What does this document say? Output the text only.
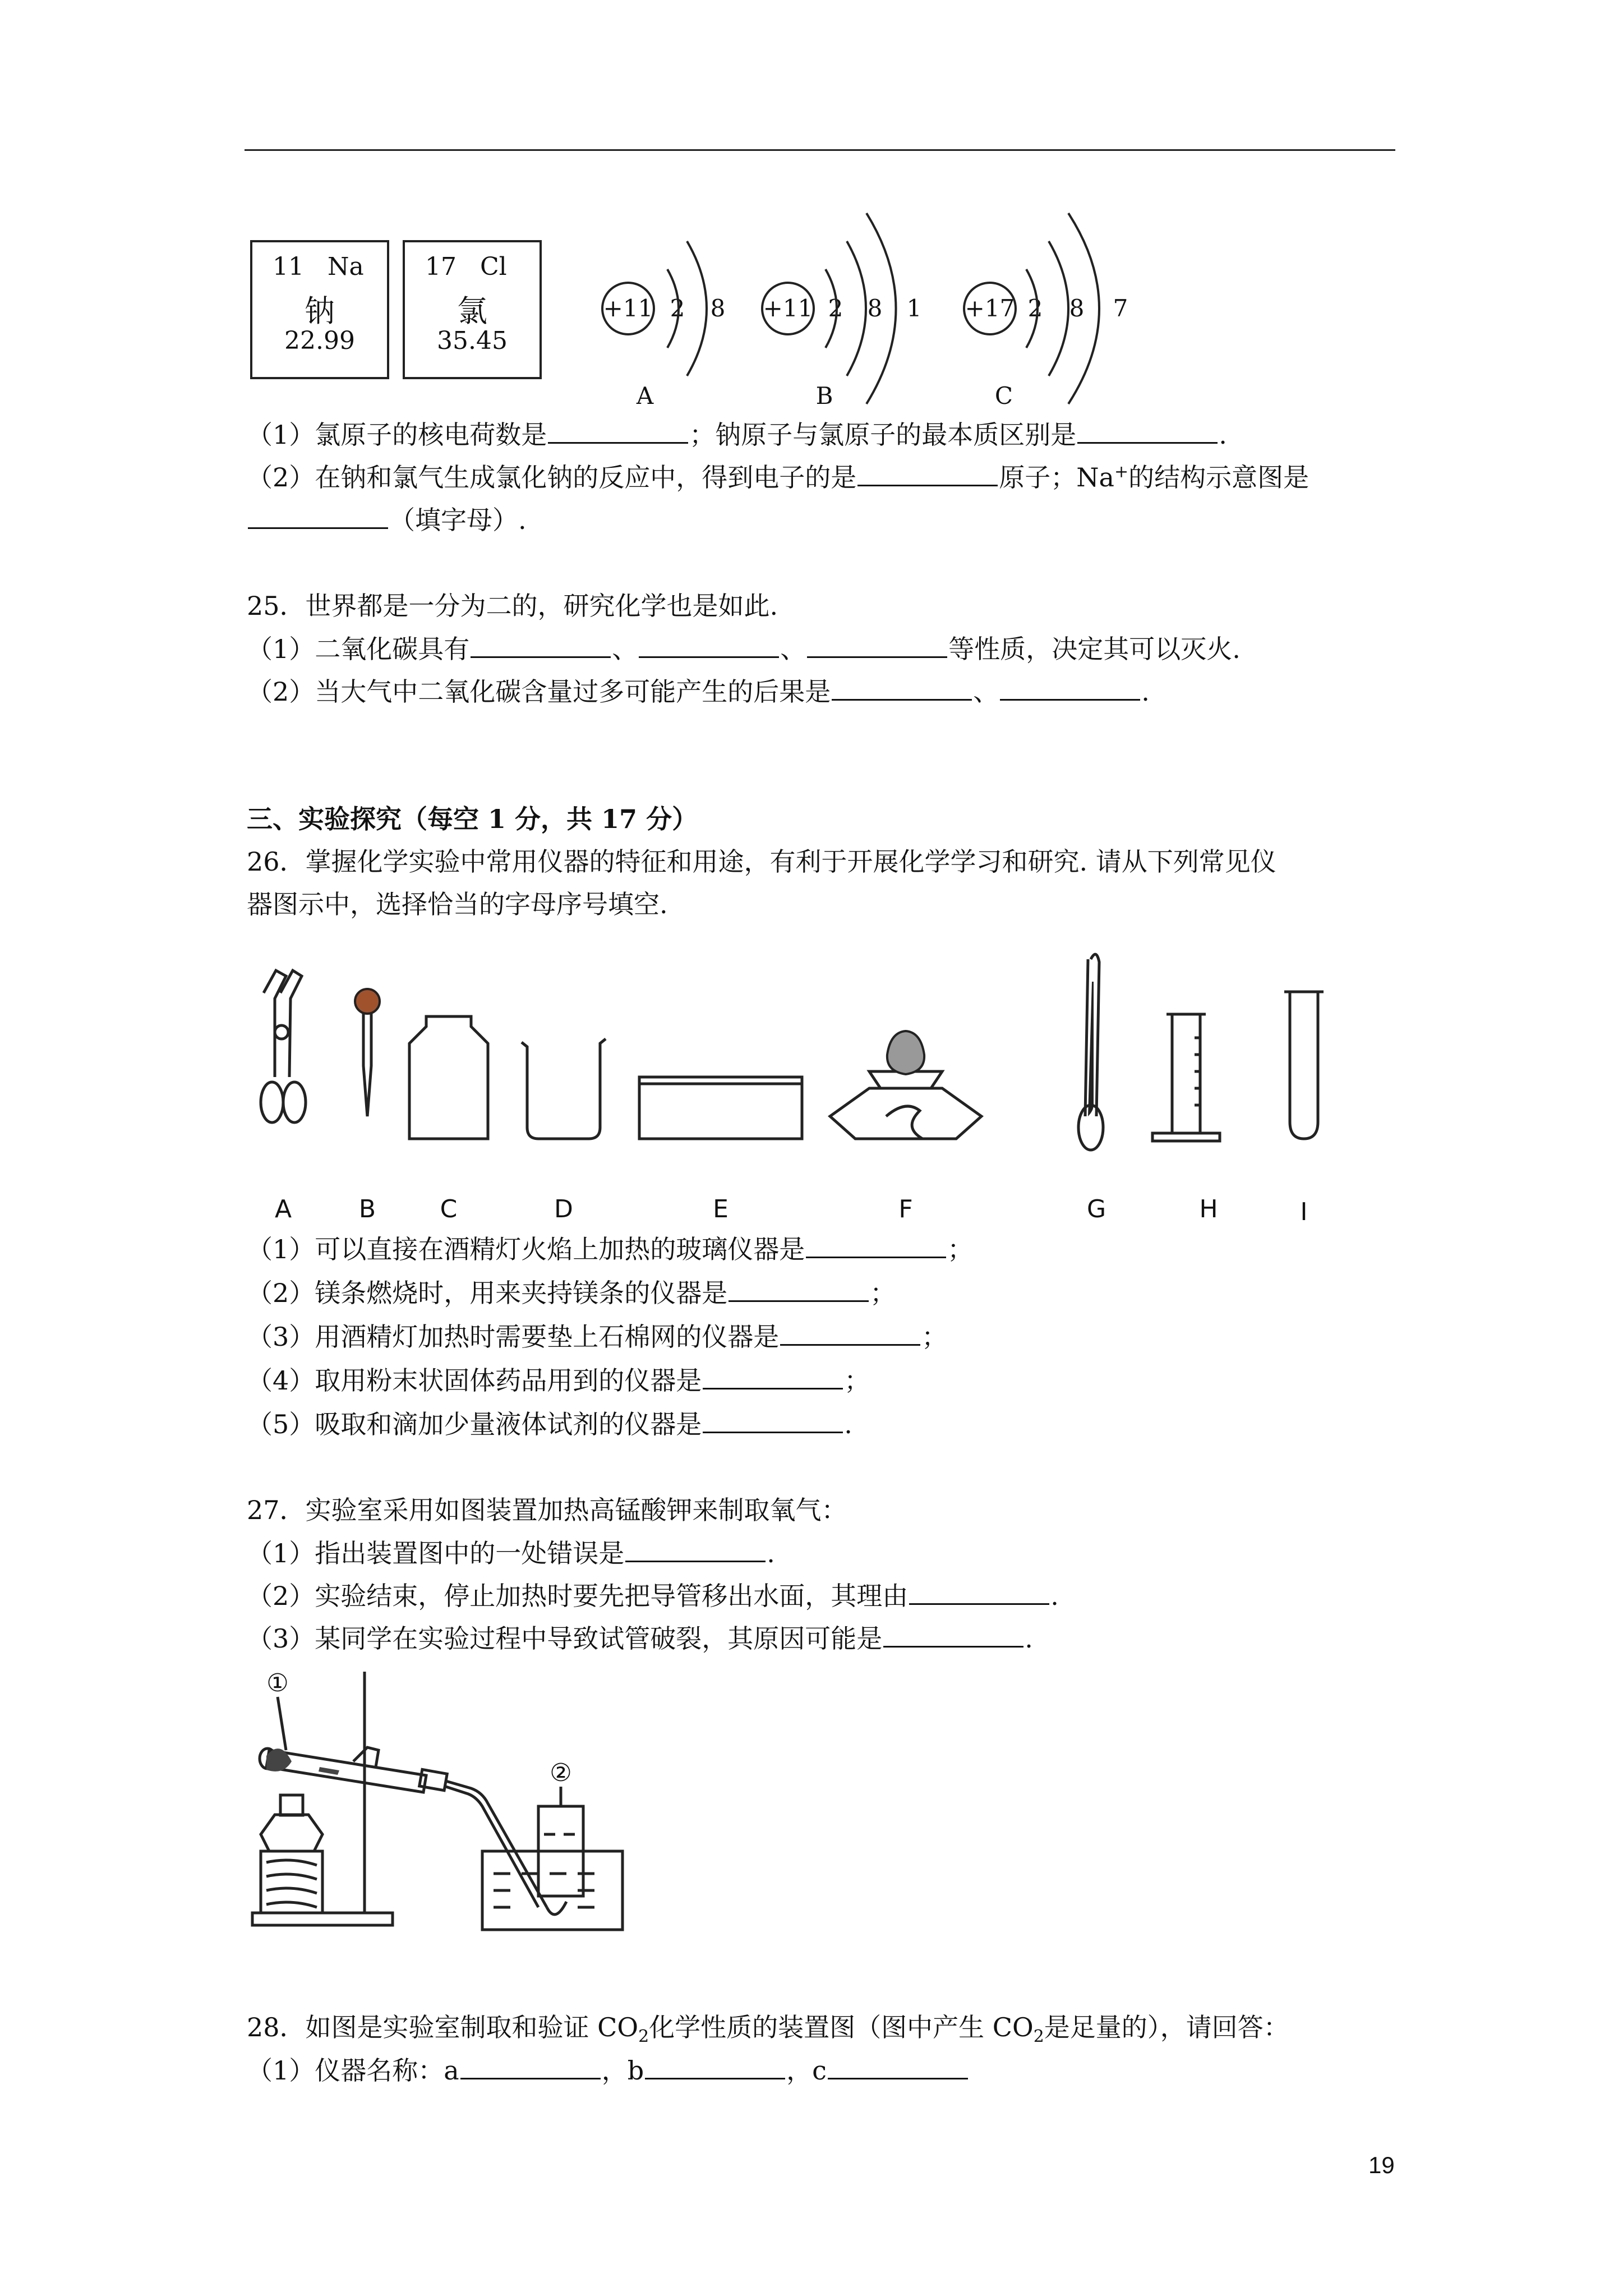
11 Na
钠
22.99
17 Cl
氯
35.45
+11 2 8
A
+11 2 8 1
B
+17 2 8 7
C
（1）氯原子的核电荷数是	；钠原子与氯原子的最本质区别是	.
（2）在钠和氯气生成氯化钠的反应中，得到电子的是	原子；Na+的结构示意图是
（填字母）.
25．世界都是一分为二的，研究化学也是如此.
（1）二氧化碳具有	、	、	等性质，决定其可以灭火.
（2）当大气中二氧化碳含量过多可能产生的后果是	、	.
三、实验探究（每空 1 分，共 17 分）
26．掌握化学实验中常用仪器的特征和用途，有利于开展化学学习和研究. 请从下列常见仪
器图示中，选择恰当的字母序号填空.
A	B	C	D	E	F	G	H	I
（1）可以直接在酒精灯火焰上加热的玻璃仪器是	；
（2）镁条燃烧时，用来夹持镁条的仪器是	；
（3）用酒精灯加热时需要垫上石棉网的仪器是	；
（4）取用粉末状固体药品用到的仪器是	；
（5）吸取和滴加少量液体试剂的仪器是	.
27．实验室采用如图装置加热高锰酸钾来制取氧气：
（1）指出装置图中的一处错误是	.
（2）实验结束，停止加热时要先把导管移出水面，其理由	.
（3）某同学在实验过程中导致试管破裂，其原因可能是	.
①
②
28．如图是实验室制取和验证 $CO_2$化学性质的装置图（图中产生 $CO_2$是足量的），请回答：
（1）仪器名称：a	，b	，c
19
